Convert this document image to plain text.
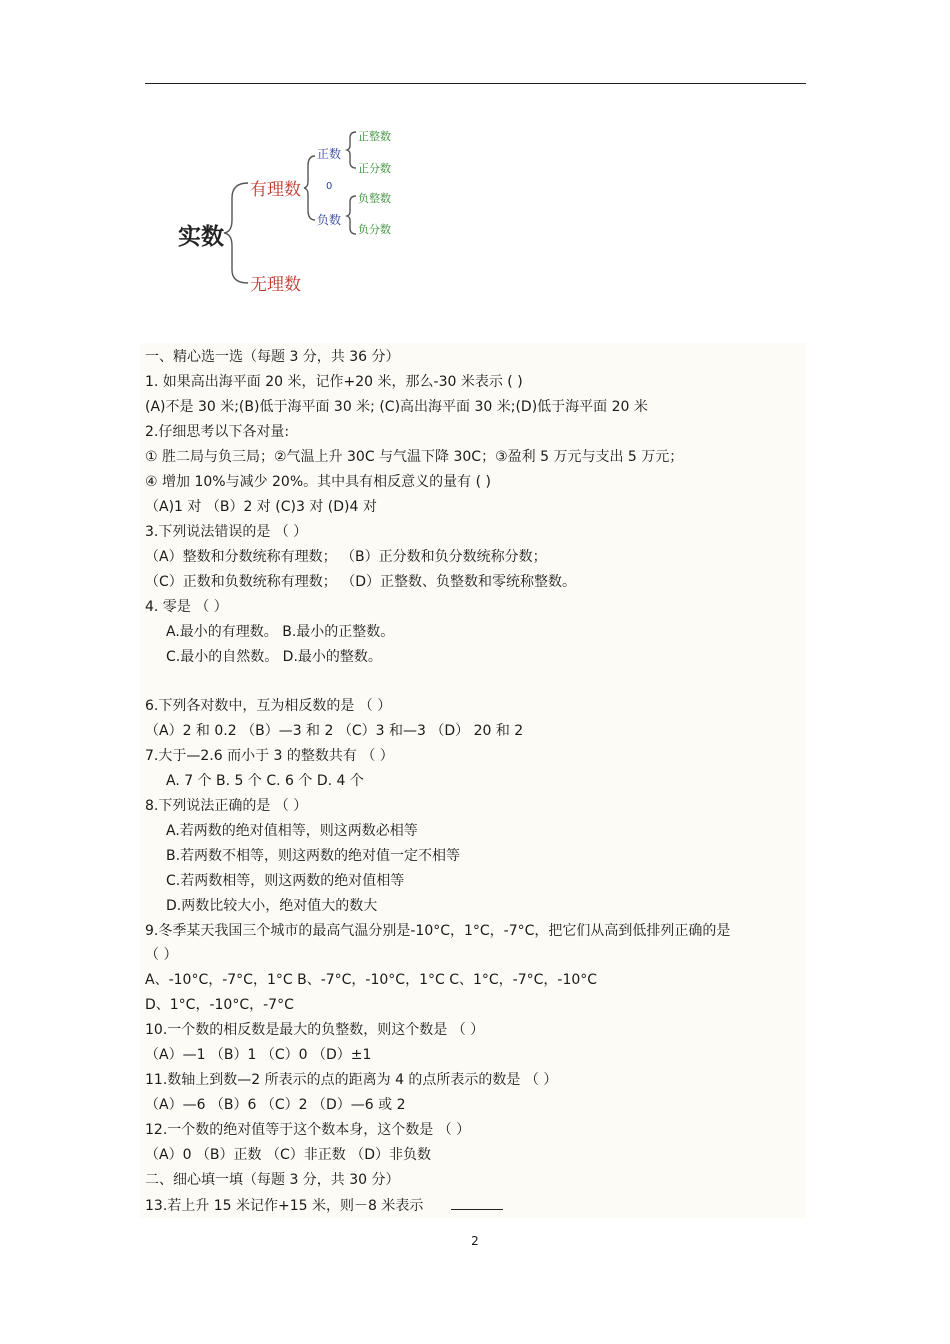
实数
有理数
无理数
正数
0
负数
正整数
正分数
负整数
负分数
一、精心选一选（每题 3 分，共 36 分）
1. 如果高出海平面 20 米，记作+20 米，那么-30 米表示 ( )
(A)不是 30 米;(B)低于海平面 30 米; (C)高出海平面 30 米;(D)低于海平面 20 米
2.仔细思考以下各对量:
① 胜二局与负三局；②气温上升 30C 与气温下降 30C；③盈利 5 万元与支出 5 万元；
④ 增加 10%与减少 20%。其中具有相反意义的量有 ( )
（A)1 对 （B）2 对 (C)3 对 (D)4 对
3.下列说法错误的是 （ ）
（A）整数和分数统称有理数； （B）正分数和负分数统称分数；
（C）正数和负数统称有理数； （D）正整数、负整数和零统称整数。
4. 零是 （ ）
A.最小的有理数。 B.最小的正整数。
C.最小的自然数。 D.最小的整数。
6.下列各对数中，互为相反数的是 （ ）
（A）2 和 0.2 （B）—3 和 2 （C）3 和—3 （D） 20 和 2
7.大于—2.6 而小于 3 的整数共有 （ ）
A. 7 个 B. 5 个 C. 6 个 D. 4 个
8.下列说法正确的是 （ ）
A.若两数的绝对值相等，则这两数必相等
B.若两数不相等，则这两数的绝对值一定不相等
C.若两数相等，则这两数的绝对值相等
D.两数比较大小，绝对值大的数大
9.冬季某天我国三个城市的最高气温分别是-10°C，1°C，-7°C，把它们从高到低排列正确的是
（ ）
A、-10°C，-7°C，1°C B、-7°C，-10°C，1°C C、1°C，-7°C，-10°C
D、1°C，-10°C，-7°C
10.一个数的相反数是最大的负整数，则这个数是 （ ）
（A）—1 （B）1 （C）0 （D）±1
11.数轴上到数—2 所表示的点的距离为 4 的点所表示的数是 （ ）
（A）—6 （B）6 （C）2 （D）—6 或 2
12.一个数的绝对值等于这个数本身，这个数是 （ ）
（A）0 （B）正数 （C）非正数 （D）非负数
二、细心填一填（每题 3 分，共 30 分）
13.若上升 15 米记作+15 米，则－8 米表示
2
